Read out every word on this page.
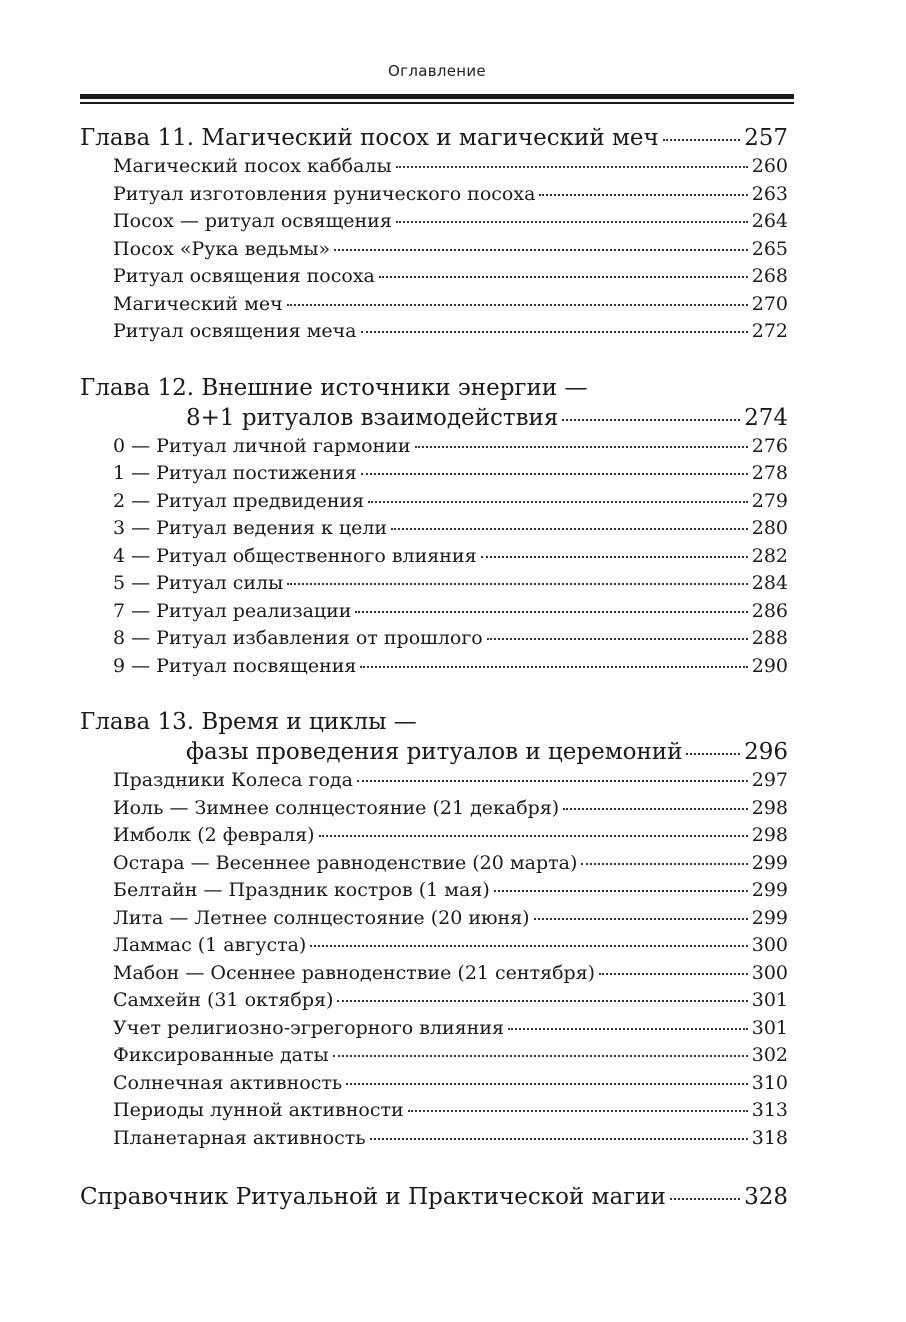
Оглавление
Глава 11. Магический посох и магический меч	257
Магический посох каббалы	260
Ритуал изготовления рунического посоха	263
Посох — ритуал освящения	264
Посох «Рука ведьмы»	265
Ритуал освящения посоха	268
Магический меч	270
Ритуал освящения меча	272
Глава 12. Внешние источники энергии —
8+1 ритуалов взаимодействия	274
0 — Ритуал личной гармонии	276
1 — Ритуал постижения	278
2 — Ритуал предвидения	279
3 — Ритуал ведения к цели	280
4 — Ритуал общественного влияния	282
5 — Ритуал силы	284
7 — Ритуал реализации	286
8 — Ритуал избавления от прошлого	288
9 — Ритуал посвящения	290
Глава 13. Время и циклы —
фазы проведения ритуалов и церемоний	296
Праздники Колеса года	297
Иоль — Зимнее солнцестояние (21 декабря)	298
Имболк (2 февраля)	298
Остара — Весеннее равноденствие (20 марта)	299
Белтайн — Праздник костров (1 мая)	299
Лита — Летнее солнцестояние (20 июня)	299
Ламмас (1 августа)	300
Мабон — Осеннее равноденствие (21 сентября)	300
Самхейн (31 октября)	301
Учет религиозно-эгрегорного влияния	301
Фиксированные даты	302
Солнечная активность	310
Периоды лунной активности	313
Планетарная активность	318
Справочник Ритуальной и Практической магии	328
